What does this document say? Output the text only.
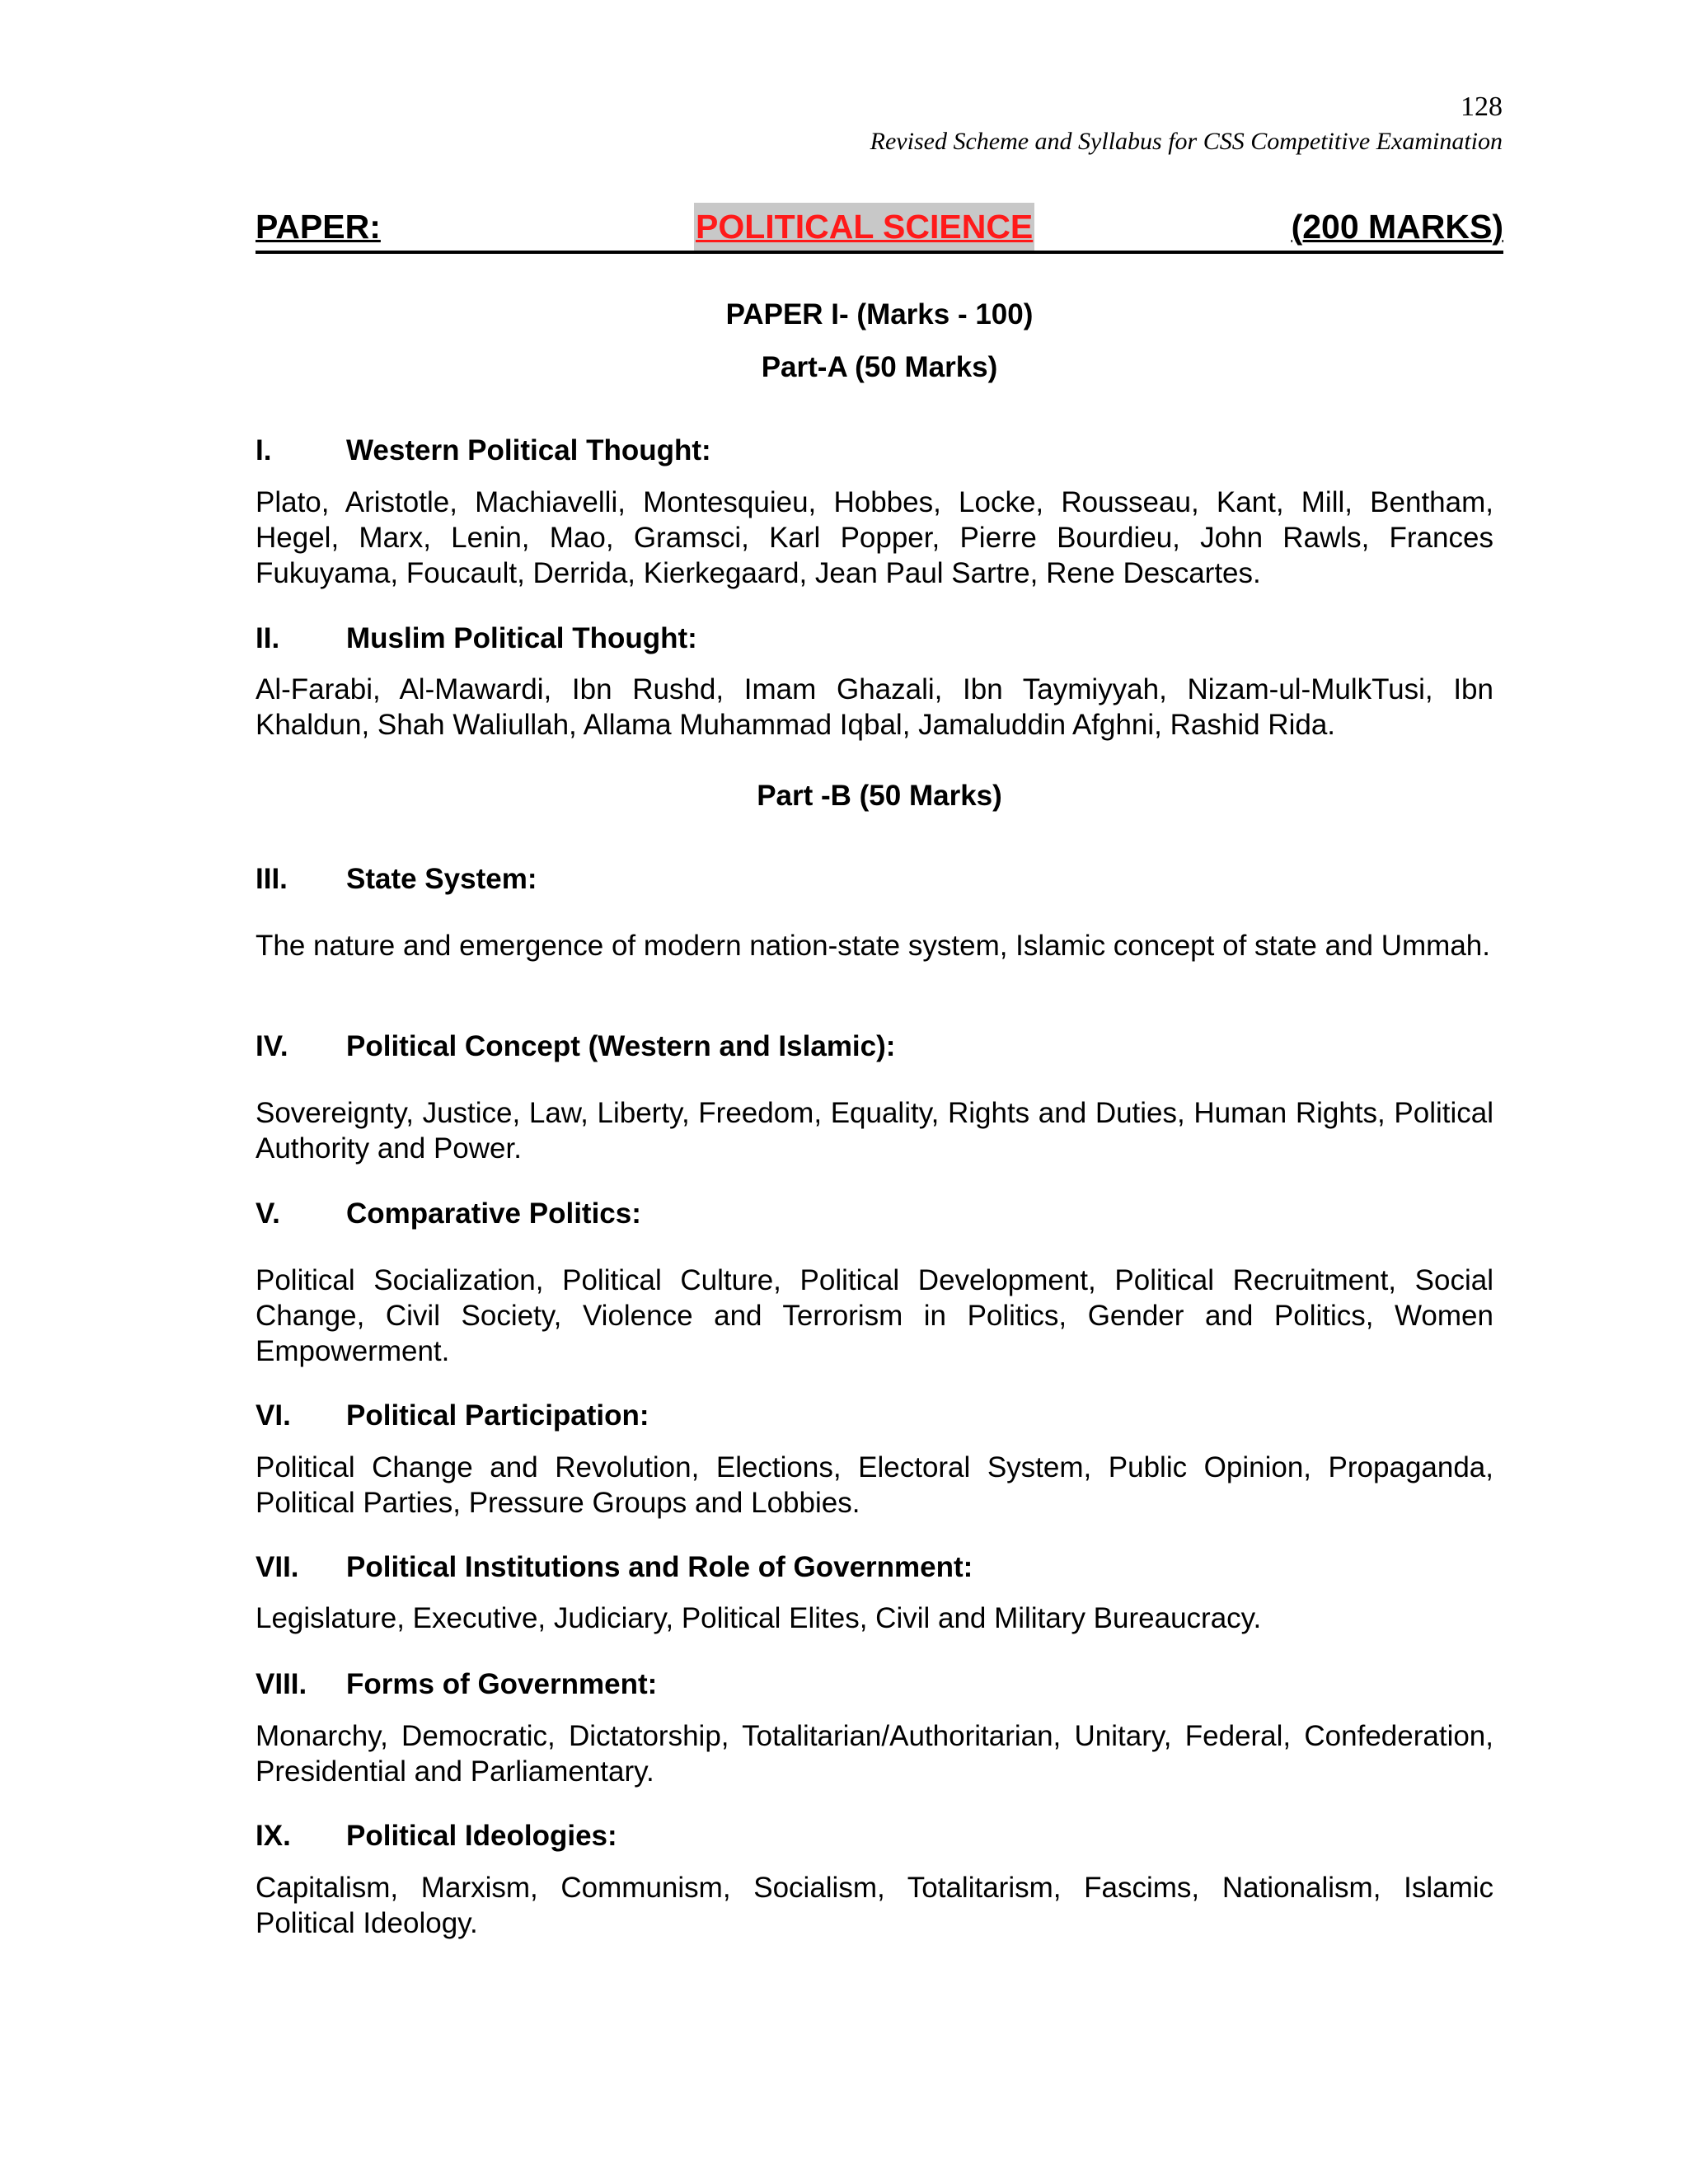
128
Revised Scheme and Syllabus for CSS Competitive Examination
PAPER:	POLITICAL SCIENCE	(200 MARKS)
PAPER I- (Marks - 100)
Part-A (50 Marks)
I.	Western Political Thought:
Plato, Aristotle, Machiavelli, Montesquieu, Hobbes, Locke, Rousseau, Kant, Mill, Bentham, Hegel, Marx, Lenin, Mao, Gramsci, Karl Popper, Pierre Bourdieu, John Rawls, Frances Fukuyama, Foucault, Derrida, Kierkegaard, Jean Paul Sartre, Rene Descartes.
II. Muslim Political Thought:
Al-Farabi, Al-Mawardi, Ibn Rushd, Imam Ghazali, Ibn Taymiyyah, Nizam-ul-MulkTusi, Ibn Khaldun, Shah Waliullah, Allama Muhammad Iqbal, Jamaluddin Afghni, Rashid Rida.
Part -B (50 Marks)
III. State System:
The nature and emergence of modern nation-state system, Islamic concept of state and Ummah.
IV. Political Concept (Western and Islamic):
Sovereignty, Justice, Law, Liberty, Freedom, Equality, Rights and Duties, Human Rights, Political Authority and Power.
V. Comparative Politics:
Political Socialization, Political Culture, Political Development, Political Recruitment, Social Change, Civil Society, Violence and Terrorism in Politics, Gender and Politics, Women Empowerment.
VI. Political Participation:
Political Change and Revolution, Elections, Electoral System, Public Opinion, Propaganda, Political Parties, Pressure Groups and Lobbies.
VII. Political Institutions and Role of Government:
Legislature, Executive, Judiciary, Political Elites, Civil and Military Bureaucracy.
VIII. Forms of Government:
Monarchy, Democratic, Dictatorship, Totalitarian/Authoritarian, Unitary, Federal, Confederation, Presidential and Parliamentary.
IX. Political Ideologies:
Capitalism, Marxism, Communism, Socialism, Totalitarism, Fascims, Nationalism, Islamic Political Ideology.
